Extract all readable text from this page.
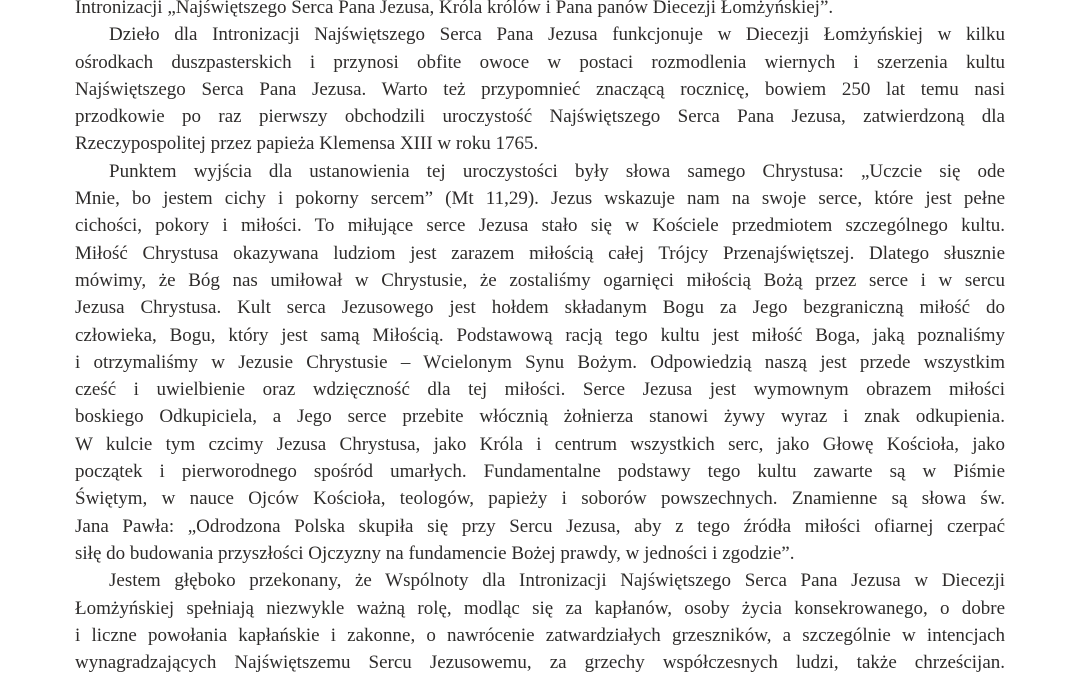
Intronizacji „Najświętszego Serca Pana Jezusa, Króla królów i Pana panów Diecezji Łomżyńskiej”.
Dzieło dla Intronizacji Najświętszego Serca Pana Jezusa funkcjonuje w Diecezji Łomżyńskiej w kilku
ośrodkach duszpasterskich i przynosi obfite owoce w postaci rozmodlenia wiernych i szerzenia kultu
Najświętszego Serca Pana Jezusa. Warto też przypomnieć znaczącą rocznicę, bowiem 250 lat temu nasi
przodkowie po raz pierwszy obchodzili uroczystość Najświętszego Serca Pana Jezusa, zatwierdzoną dla
Rzeczypospolitej przez papieża Klemensa XIII w roku 1765.
Punktem wyjścia dla ustanowienia tej uroczystości były słowa samego Chrystusa: „Uczcie się ode
Mnie, bo jestem cichy i pokorny sercem” (Mt 11,29). Jezus wskazuje nam na swoje serce, które jest pełne
cichości, pokory i miłości. To miłujące serce Jezusa stało się w Kościele przedmiotem szczególnego kultu.
Miłość Chrystusa okazywana ludziom jest zarazem miłością całej Trójcy Przenajświętszej. Dlatego słusznie
mówimy, że Bóg nas umiłował w Chrystusie, że zostaliśmy ogarnięci miłością Bożą przez serce i w sercu
Jezusa Chrystusa. Kult serca Jezusowego jest hołdem składanym Bogu za Jego bezgraniczną miłość do
człowieka, Bogu, który jest samą Miłością. Podstawową racją tego kultu jest miłość Boga, jaką poznaliśmy
i otrzymaliśmy w Jezusie Chrystusie – Wcielonym Synu Bożym. Odpowiedzią naszą jest przede wszystkim
cześć i uwielbienie oraz wdzięczność dla tej miłości. Serce Jezusa jest wymownym obrazem miłości
boskiego Odkupiciela, a Jego serce przebite włócznią żołnierza stanowi żywy wyraz i znak odkupienia.
W kulcie tym czcimy Jezusa Chrystusa, jako Króla i centrum wszystkich serc, jako Głowę Kościoła, jako
początek i pierworodnego spośród umarłych. Fundamentalne podstawy tego kultu zawarte są w Piśmie
Świętym, w nauce Ojców Kościoła, teologów, papieży i soborów powszechnych. Znamienne są słowa św.
Jana Pawła: „Odrodzona Polska skupiła się przy Sercu Jezusa, aby z tego źródła miłości ofiarnej czerpać
siłę do budowania przyszłości Ojczyzny na fundamencie Bożej prawdy, w jedności i zgodzie”.
Jestem głęboko przekonany, że Wspólnoty dla Intronizacji Najświętszego Serca Pana Jezusa w Diecezji
Łomżyńskiej spełniają niezwykle ważną rolę, modląc się za kapłanów, osoby życia konsekrowanego, o dobre
i liczne powołania kapłańskie i zakonne, o nawrócenie zatwardziałych grzeszników, a szczególnie w intencjach
wynagradzających Najświętszemu Sercu Jezusowemu, za grzechy współczesnych ludzi, także chrześcijan.
